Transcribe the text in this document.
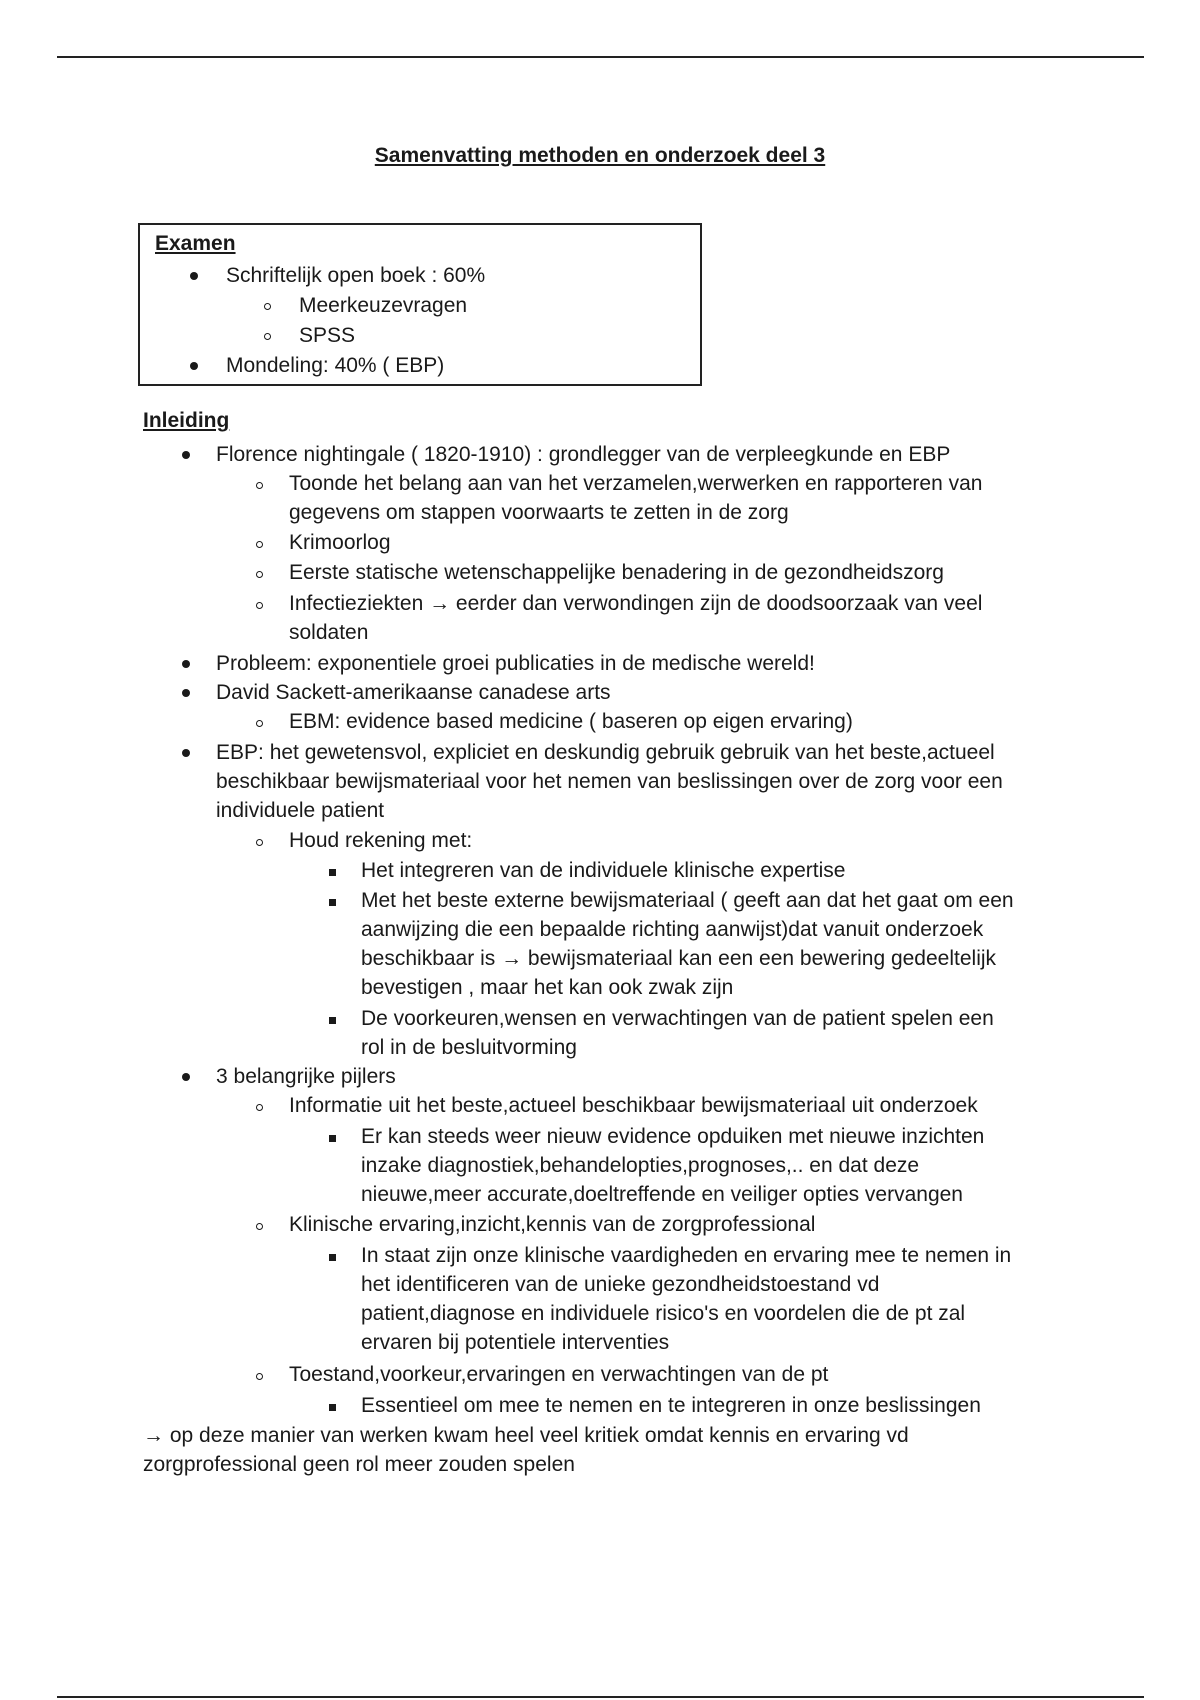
Samenvatting methoden en onderzoek deel 3
Examen
Schriftelijk open boek : 60%
Meerkeuzevragen
SPSS
Mondeling: 40% ( EBP)
Inleiding
Florence nightingale ( 1820-1910) : grondlegger van de verpleegkunde en EBP
Toonde het belang aan van het verzamelen,werwerken en rapporteren van
gegevens om stappen voorwaarts te zetten in de zorg
Krimoorlog
Eerste statische wetenschappelijke benadering in de gezondheidszorg
Infectieziekten → eerder dan verwondingen zijn de doodsoorzaak van veel
soldaten
Probleem: exponentiele groei publicaties in de medische wereld!
David Sackett-amerikaanse canadese arts
EBM: evidence based medicine ( baseren op eigen ervaring)
EBP: het gewetensvol, expliciet en deskundig gebruik gebruik van het beste,actueel
beschikbaar bewijsmateriaal voor het nemen van beslissingen over de zorg voor een
individuele patient
Houd rekening met:
Het integreren van de individuele klinische expertise
Met het beste externe bewijsmateriaal ( geeft aan dat het gaat om een
aanwijzing die een bepaalde richting aanwijst)dat vanuit onderzoek
beschikbaar is → bewijsmateriaal kan een een bewering gedeeltelijk
bevestigen , maar het kan ook zwak zijn
De voorkeuren,wensen en verwachtingen van de patient spelen een
rol in de besluitvorming
3 belangrijke pijlers
Informatie uit het beste,actueel beschikbaar bewijsmateriaal uit onderzoek
Er kan steeds weer nieuw evidence opduiken met nieuwe inzichten
inzake diagnostiek,behandelopties,prognoses,.. en dat deze
nieuwe,meer accurate,doeltreffende en veiliger opties vervangen
Klinische ervaring,inzicht,kennis van de zorgprofessional
In staat zijn onze klinische vaardigheden en ervaring mee te nemen in
het identificeren van de unieke gezondheidstoestand vd
patient,diagnose en individuele risico's en voordelen die de pt zal
ervaren bij potentiele interventies
Toestand,voorkeur,ervaringen en verwachtingen van de pt
Essentieel om mee te nemen en te integreren in onze beslissingen
→ op deze manier van werken kwam heel veel kritiek omdat kennis en ervaring vd
zorgprofessional geen rol meer zouden spelen
